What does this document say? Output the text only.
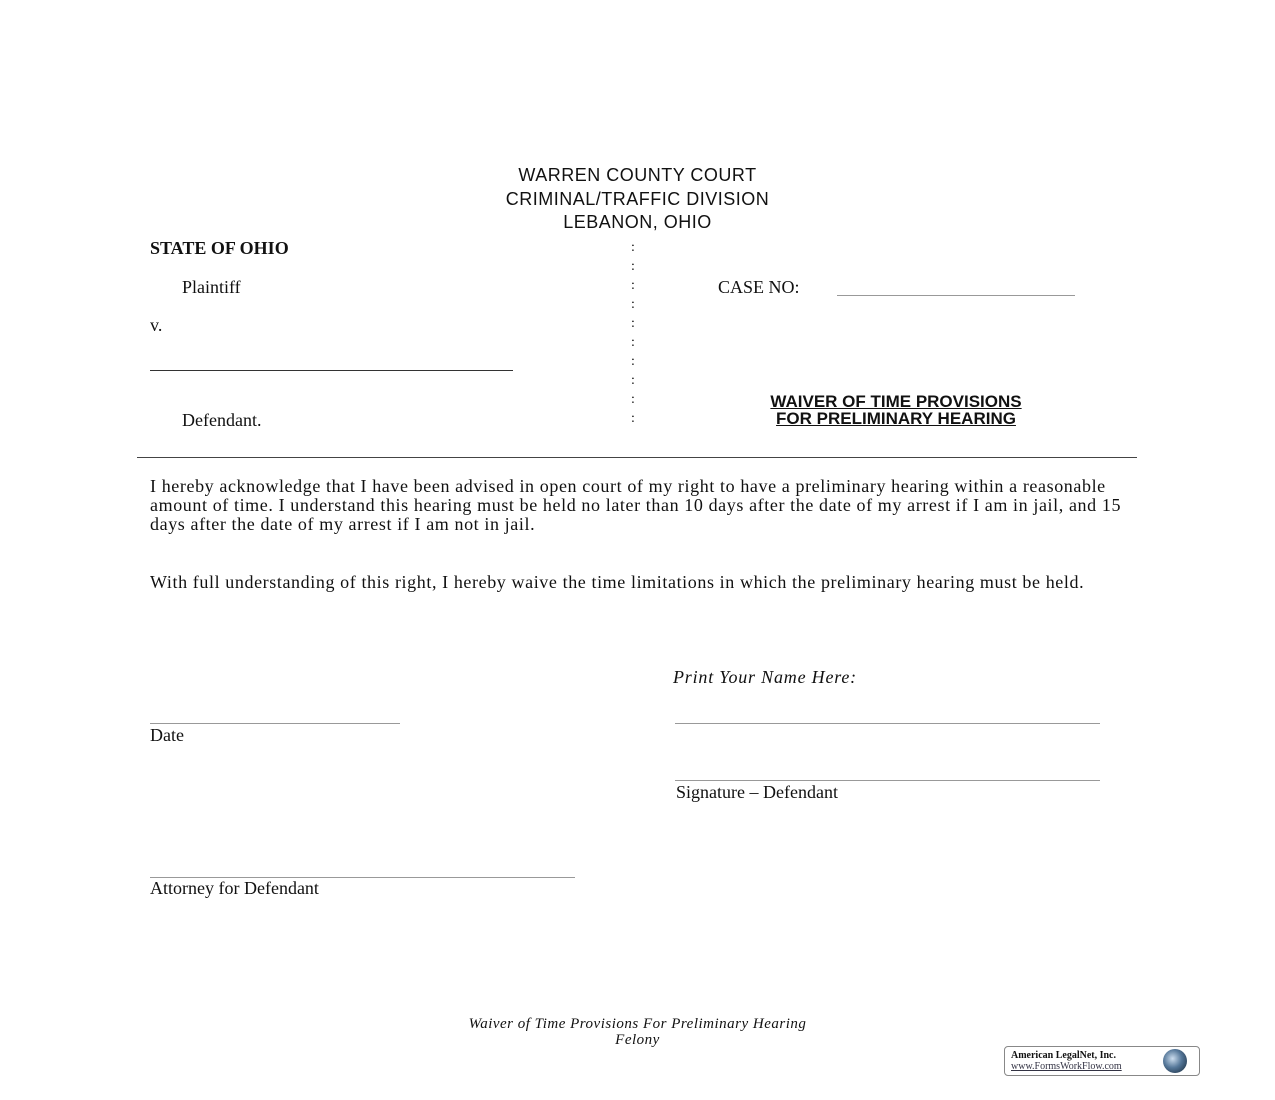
WARREN COUNTY COURT
CRIMINAL/TRAFFIC DIVISION
LEBANON, OHIO
STATE OF OHIO
Plaintiff
v.
Defendant.
:
:
:
:
:
:
:
:
:
:
CASE NO:
WAIVER OF TIME PROVISIONS
FOR PRELIMINARY HEARING
I hereby acknowledge that I have been advised in open court of my right to have a preliminary hearing within a reasonable amount of time. I understand this hearing must be held no later than 10 days after the date of my arrest if I am in jail, and 15 days after the date of my arrest if I am not in jail.
With full understanding of this right, I hereby waive the time limitations in which the preliminary hearing must be held.
Print Your Name Here:
Date
Signature – Defendant
Attorney for Defendant
Waiver of Time Provisions For Preliminary Hearing
Felony
American LegalNet, Inc.
www.FormsWorkFlow.com
